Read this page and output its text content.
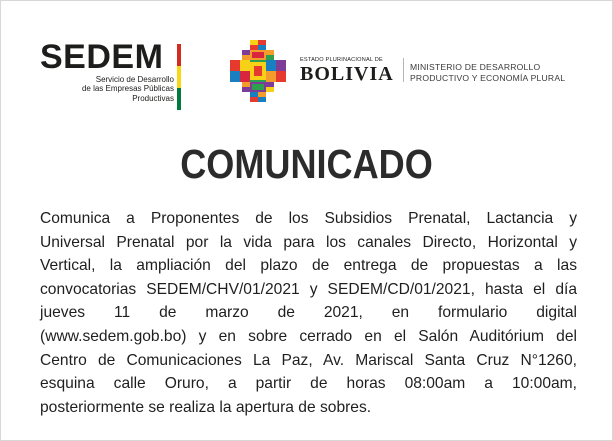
SEDEM
Servicio de Desarrollo
de las Empresas Públicas
Productivas
ESTADO PLURINACIONAL DE
BOLIVIA	MINISTERIO DE DESARROLLO
PRODUCTIVO Y ECONOMÍA PLURAL
COMUNICADO

Comunica a Proponentes de los Subsidios Prenatal, Lactancia y
Universal Prenatal por la vida para los canales Directo, Horizontal y
Vertical, la ampliación del plazo de entrega de propuestas a las
convocatorias SEDEM/CHV/01/2021 y SEDEM/CD/01/2021, hasta el día
jueves 11 de marzo de 2021, en formulario digital
(www.sedem.gob.bo) y en sobre cerrado en el Salón Auditórium del
Centro de Comunicaciones La Paz, Av. Mariscal Santa Cruz N°1260,
esquina calle Oruro, a partir de horas 08:00am a 10:00am,
posteriormente se realiza la apertura de sobres.
